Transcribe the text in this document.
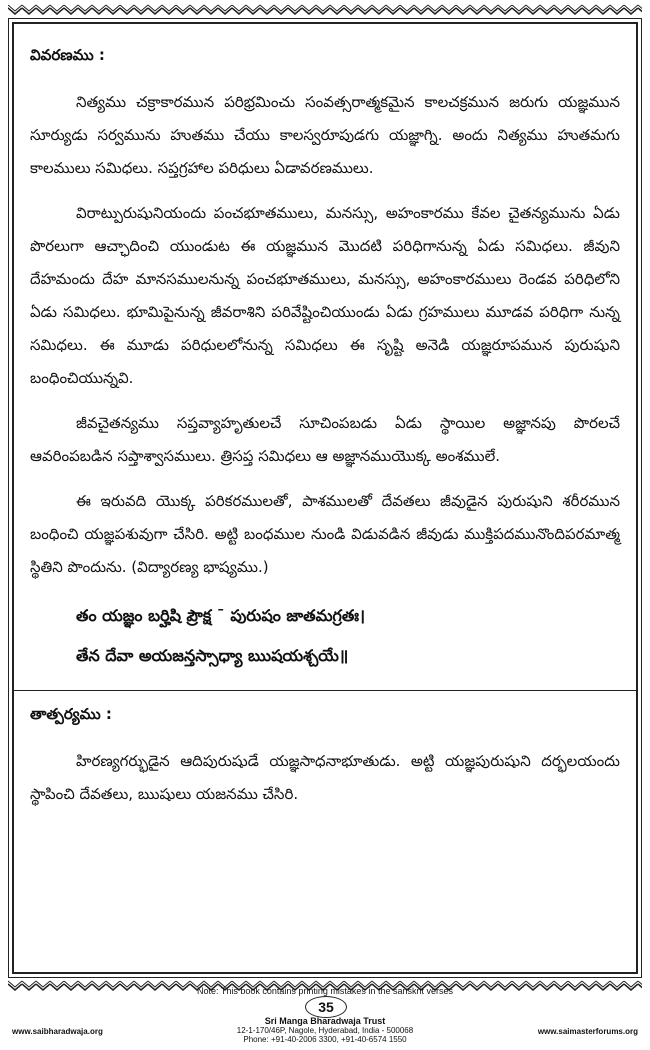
వివరణము :

నిత్యము చక్రాకారమున పరిభ్రమించు సంవత్సరాత్మకమైన కాలచక్రమున జరుగు యజ్ఞమున సూర్యుడు సర్వమును హుతము చేయు కాలస్వరూపుడగు యజ్ఞాగ్ని. అందు నిత్యము హుతమగు కాలములు సమిధలు. సప్తగ్రహాల పరిధులు ఏడావరణములు.

విరాట్పురుషునియందు పంచభూతములు, మనస్సు, అహంకారము కేవల చైతన్యమును ఏడు పొరలుగా ఆచ్ఛాదించి యుండుట ఈ యజ్ఞమున మొదటి పరిధిగానున్న ఏడు సమిధలు. జీవుని దేహమందు దేహ మానసములనున్న పంచభూతములు, మనస్సు, అహంకారములు రెండవ పరిధిలోని ఏడు సమిధలు. భూమిపైనున్న జీవరాశిని పరివేష్టించియుండు ఏడు గ్రహములు మూడవ పరిధిగా నున్న సమిధలు. ఈ మూడు పరిధులలోనున్న సమిధలు ఈ సృష్టి అనెడి యజ్ఞరూపమున పురుషుని బంధించియున్నవి.

జీవచైతన్యము సప్తవ్యాహృతులచే సూచింపబడు ఏడు స్థాయిల అజ్ఞానపు పొరలచే ఆవరింపబడిన సప్తాశ్వాసములు. త్రిసప్త సమిధలు ఆ అజ్ఞానముయొక్క అంశములే.

ఈ ఇరువది యొక్క పరికరములతో, పాశములతో దేవతలు జీవుడైన పురుషుని శరీరమున బంధించి యజ్ఞపశువుగా చేసిరి. అట్టి బంధముల నుండి విడువడిన జీవుడు ముక్తిపదమునొందిపరమాత్మ స్థితిని పొందును. (విద్యారణ్య భాష్యము.)

తం యజ్ఞం బర్హిషి ప్రౌక్ష ¯ పురుషం జాతమగ్రతః।
తేన దేవా అయజన్తస్సాధ్యా ఋషయశ్చయే॥
తాత్పర్యము :

హిరణ్యగర్భుడైన ఆదిపురుషుడే యజ్ఞసాధనాభూతుడు. అట్టి యజ్ఞపురుషుని దర్భలయందు స్థాపించి దేవతలు, ఋషులు యజనము చేసిరి.

Note: This book contains printing mistakes in the sanskrit verses
35
www.saibharadwaja.org
Sri Manga Bharadwaja Trust
12-1-170/46P, Nagole, Hyderabad, India - 500068
Phone: +91-40-2006 3300, +91-40-6574 1550
www.saimasterforums.org
